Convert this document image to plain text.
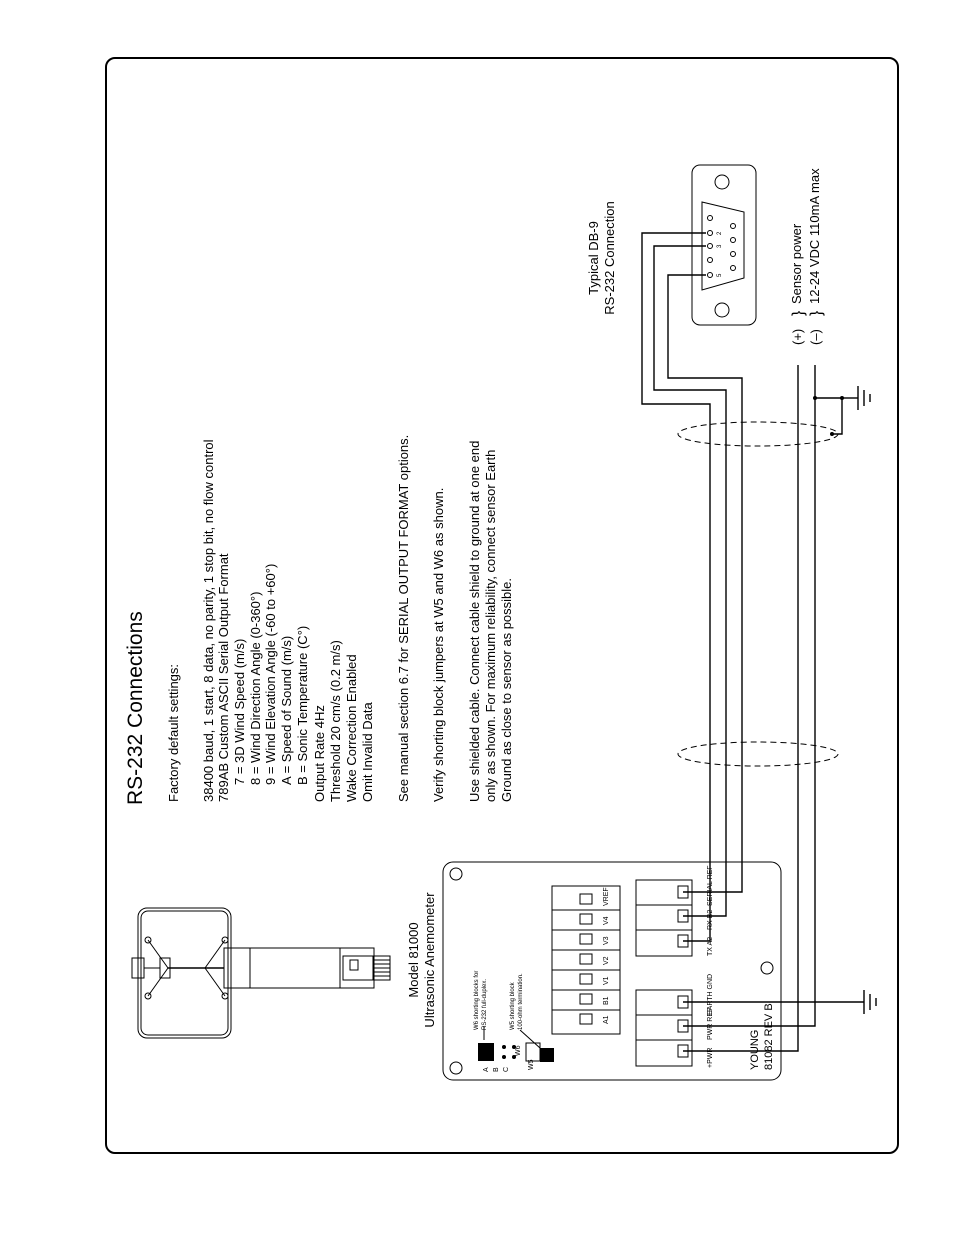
RS-232 Connections Factory default settings: 38400 baud, 1 start, 8 data, no parity, 1 stop bit, no flow control 789AB Custom ASCII Serial Output Format 7 = 3D Wind Speed (m/s) 8 = Wind Direction Angle (0-360°) 9 = Wind Elevation Angle (-60 to +60°) A = Speed of Sound (m/s) B = Sonic Temperature (C°) Output Rate 4Hz Threshold 20 cm/s (0.2 m/s) Wake Correction Enabled Omit Invalid Data See manual section 6.7 for SERIAL OUTPUT FORMAT options. Verify shorting block jumpers at W5 and W6 as shown. Use shielded cable. Connect cable shield to ground at one end only as shown. For maximum reliability, connect sensor Earth Ground as close to sensor as possible.
Model 81000 Ultrasonic Anemometer
Typical DB-9 RS-232 Connection
(+) (–)
} }
Sensor power 12-24 VDC 110mA max
A B C
W6
W5
W6 shorting blocks for RS-232 full-duplex.	W5 shorting block 100-ohm termination.	A1
B1
V1
V2
V3
V4
VREF
+PWR
PWR REF
EARTH GND
TX A2
RX B2
SERIAL REF
YOUNG 81082 REV B
5
3
2
